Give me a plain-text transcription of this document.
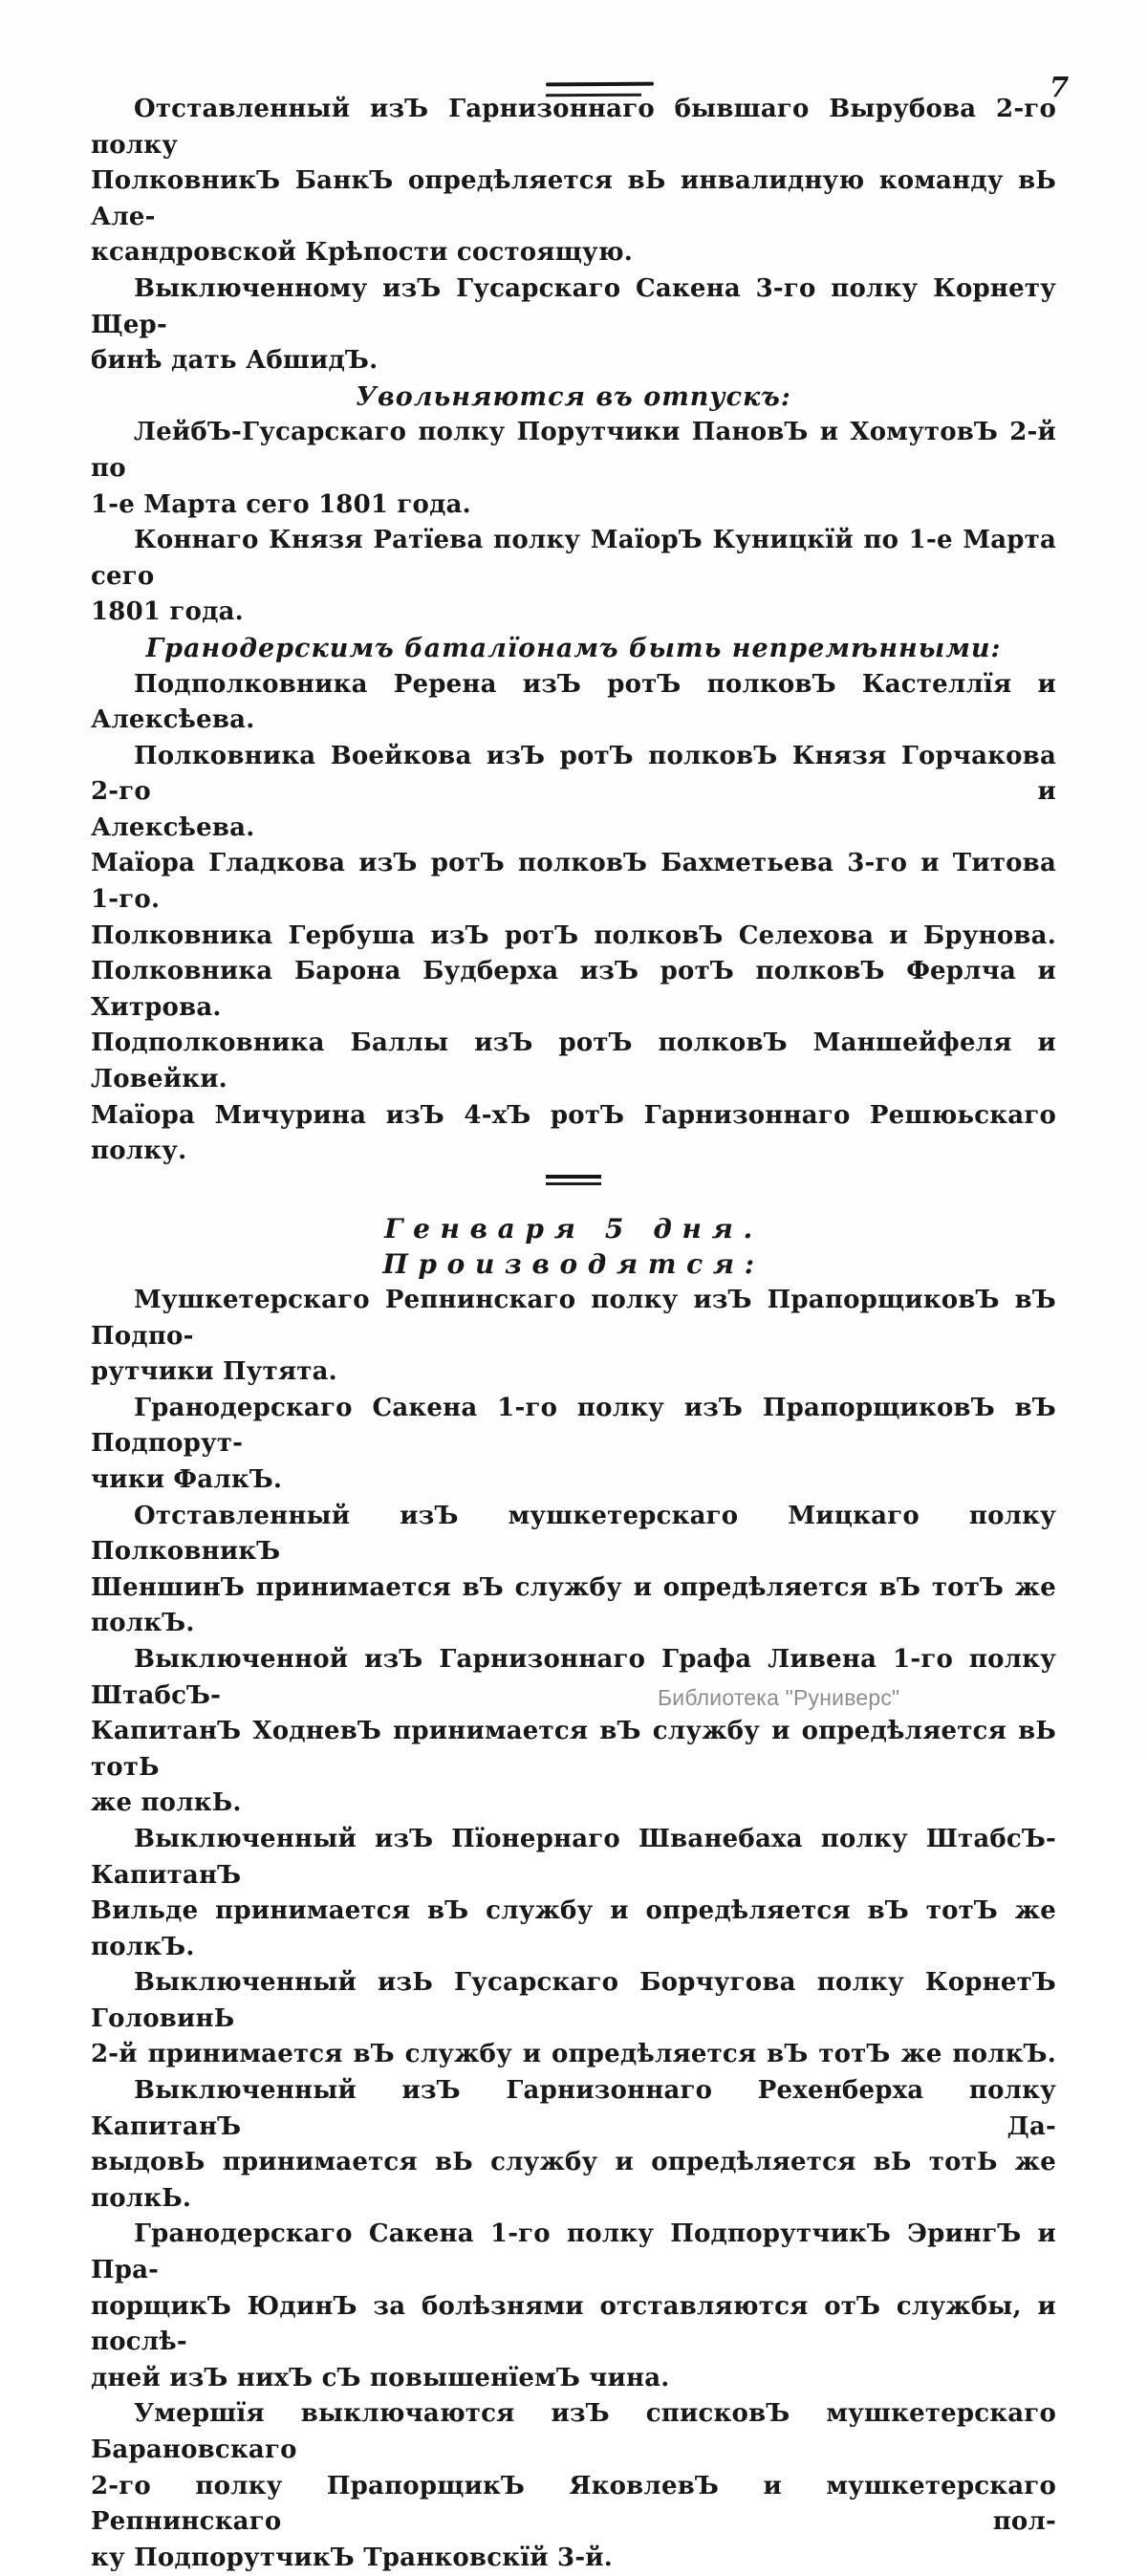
7
Отставленный изЪ Гарнизоннаго бывшаго Вырубова 2-го полку
ПолковникЪ БанкЪ опредѣляется вЬ инвалидную команду вЬ Але-
ксандровской Крѣпости состоящую.
Выключенному изЪ Гусарскаго Сакена 3-го полку Корнету Щер-
бинѣ дать АбшидЪ.
Увольняются въ отпускъ:
ЛейбЪ-Гусарскаго полку Порутчики ПановЪ и ХомутовЪ 2-й по
1-е Марта сего 1801 года.
Коннаго Князя Ратїева полку МаїорЪ Куницкїй по 1-е Марта сего
1801 года.
Гранодерскимъ баталїонамъ быть непремѣнными:
Подполковника Ререна изЪ ротЪ полковЪ Кастеллїя и Алексѣева.
Полковника Воейкова изЪ ротЪ полковЪ Князя Горчакова 2-го и
Алексѣева.
Маїора Гладкова изЪ ротЪ полковЪ Бахметьева 3-го и Титова 1-го.
Полковника Гербуша изЪ ротЪ полковЪ Селехова и Брунова.
Полковника Барона Будберха изЪ ротЪ полковЪ Ферлча и Хитрова.
Подполковника Баллы изЪ ротЪ полковЪ Маншейфеля и Ловейки.
Маїора Мичурина изЪ 4-хЪ ротЪ Гарнизоннаго Решюьскаго полку.
Генваря 5 дня.
Производятся:
Мушкетерскаго Репнинскаго полку изЪ ПрапорщиковЪ вЪ Подпо-
рутчики Путята.
Гранодерскаго Сакена 1-го полку изЪ ПрапорщиковЪ вЪ Подпорут-
чики ФалкЪ.
Отставленный изЪ мушкетерскаго Мицкаго полку ПолковникЪ
ШеншинЪ принимается вЪ службу и опредѣляется вЪ тотЪ же полкЪ.
Выключенной изЪ Гарнизоннаго Графа Ливена 1-го полку ШтабсЪ-
КапитанЪ ХодневЪ принимается вЪ службу и опредѣляется вЬ тотЬ
же полкЬ.
Выключенный изЪ Пїонернаго Шванебаха полку ШтабсЪ-КапитанЪ
Вильде принимается вЪ службу и опредѣляется вЪ тотЪ же полкЪ.
Выключенный изЬ Гусарскаго Борчугова полку КорнетЪ ГоловинЬ
2-й принимается вЪ службу и опредѣляется вЪ тотЪ же полкЪ.
Выключенный изЪ Гарнизоннаго Рехенберха полку КапитанЪ Да-
выдовЬ принимается вЬ службу и опредѣляется вЬ тотЬ же полкЬ.
Гранодерскаго Сакена 1-го полку ПодпорутчикЪ ЭрингЪ и Пра-
порщикЪ ЮдинЪ за болѣзнями отставляются отЪ службы, и послѣ-
дней изЪ нихЪ сЪ повышенїемЪ чина.
Умершїя выключаются изЪ списковЪ мушкетерскаго Барановскаго
2-го полку ПрапорщикЪ ЯковлевЪ и мушкетерскаго Репнинскаго пол-
ку ПодпорутчикЪ Транковскїй 3-й.
Библиотека "Руниверс"
